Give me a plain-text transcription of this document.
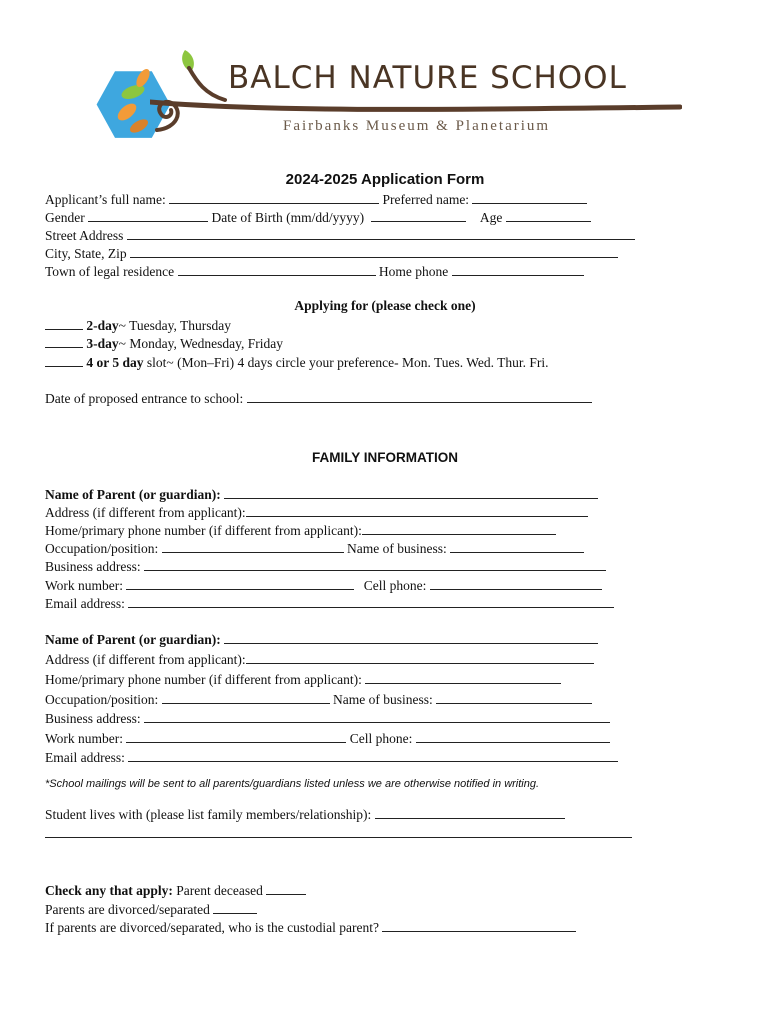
BALCH NATURE SCHOOL
Fairbanks Museum & Planetarium
2024-2025 Application Form
Applicant’s full name:	Preferred name:
Gender	Date of Birth (mm/dd/yyyy)	Age
Street Address
City, State, Zip
Town of legal residence	Home phone
Applying for (please check one)
2-day~ Tuesday, Thursday
3-day~ Monday, Wednesday, Friday
4 or 5 day slot~ (Mon–Fri) 4 days circle your preference- Mon. Tues. Wed. Thur. Fri.
Date of proposed entrance to school:
FAMILY INFORMATION
Name of Parent (or guardian):
Address (if different from applicant):
Home/primary phone number (if different from applicant):
Occupation/position:	Name of business:
Business address:
Work number:	Cell phone:
Email address:
Name of Parent (or guardian):
Address (if different from applicant):
Home/primary phone number (if different from applicant):
Occupation/position:	Name of business:
Business address:
Work number:	Cell phone:
Email address:
*School mailings will be sent to all parents/guardians listed unless we are otherwise notified in writing.
Student lives with (please list family members/relationship):
Check any that apply: Parent deceased
Parents are divorced/separated
If parents are divorced/separated, who is the custodial parent?
